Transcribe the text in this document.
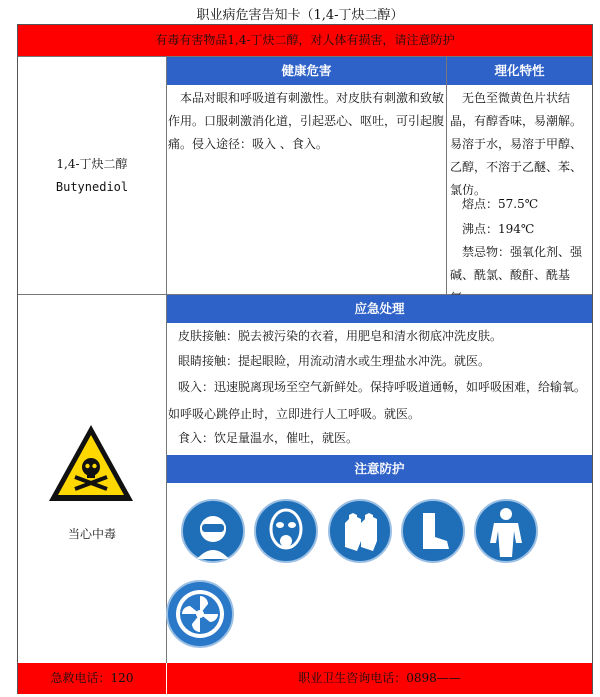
职业病危害告知卡（1,4-丁炔二醇）
有毒有害物品1,4-丁炔二醇，对人体有损害，请注意防护
1,4-丁炔二醇
Butynediol
健康危害
本品对眼和呼吸道有刺激性。对皮肤有刺激和致敏作用。口服刺激消化道，引起恶心、呕吐，可引起腹痛。侵入途径：吸入 、食入。
理化特性
无色至微黄色片状结晶，有醇香味，易潮解。易溶于水，易溶于甲醇、乙醇，不溶于乙醚、苯、氯仿。
熔点：57.5℃
沸点：194℃
禁忌物：强氧化剂、强碱、酰氯、酸酐、酰基
应急处理
皮肤接触：脱去被污染的衣着，用肥皂和清水彻底冲洗皮肤。
眼睛接触：提起眼睑，用流动清水或生理盐水冲洗。就医。
吸入：迅速脱离现场至空气新鲜处。保持呼吸道通畅，如呼吸困难，给输氧。
如呼吸心跳停止时，立即进行人工呼吸。就医。
食入：饮足量温水，催吐，就医。
当心中毒
注意防护
急救电话：120	职业卫生咨询电话：0898——
